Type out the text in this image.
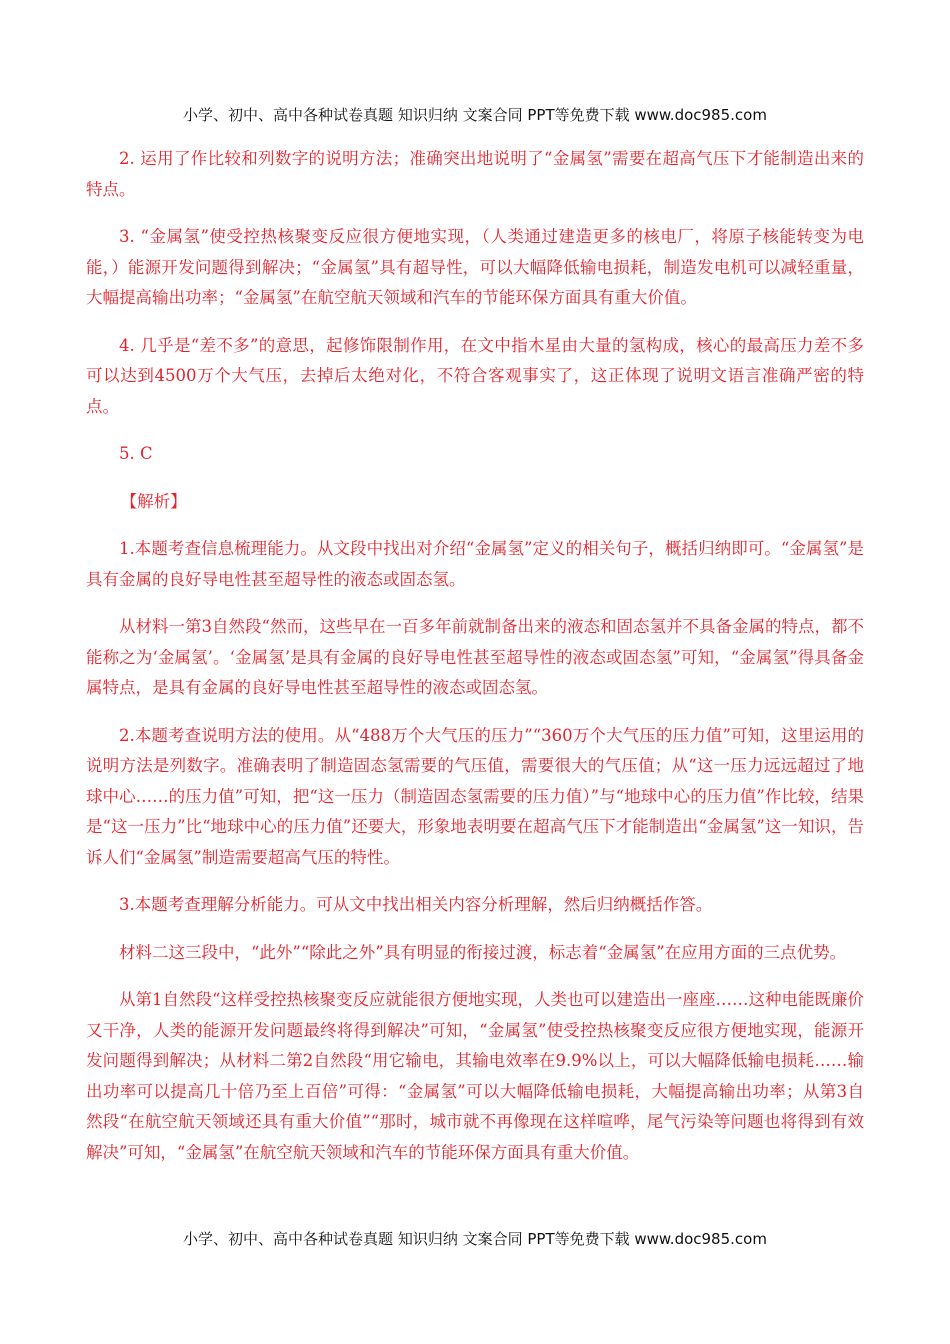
小学、初中、高中各种试卷真题 知识归纳 文案合同 PPT等免费下载 www.doc985.com

2. 运用了作比较和列数字的说明方法；准确突出地说明了“金属氢”需要在超高气压下才能制造出来的特点。

3. “金属氢”使受控热核聚变反应很方便地实现，（人类通过建造更多的核电厂，将原子核能转变为电能，）能源开发问题得到解决；“金属氢”具有超导性，可以大幅降低输电损耗，制造发电机可以减轻重量，大幅提高输出功率；“金属氢”在航空航天领域和汽车的节能环保方面具有重大价值。

4. 几乎是“差不多”的意思，起修饰限制作用，在文中指木星由大量的氢构成，核心的最高压力差不多可以达到4500万个大气压，去掉后太绝对化，不符合客观事实了，这正体现了说明文语言准确严密的特点。

5. C

【解析】

1.本题考查信息梳理能力。从文段中找出对介绍“金属氢”定义的相关句子，概括归纳即可。“金属氢”是具有金属的良好导电性甚至超导性的液态或固态氢。

从材料一第3自然段“然而，这些早在一百多年前就制备出来的液态和固态氢并不具备金属的特点，都不能称之为‘金属氢’。‘金属氢’是具有金属的良好导电性甚至超导性的液态或固态氢”可知，“金属氢”得具备金属特点，是具有金属的良好导电性甚至超导性的液态或固态氢。

2.本题考查说明方法的使用。从“488万个大气压的压力”“360万个大气压的压力值”可知，这里运用的说明方法是列数字。准确表明了制造固态氢需要的气压值，需要很大的气压值；从“这一压力远远超过了地球中心……的压力值”可知，把“这一压力（制造固态氢需要的压力值）”与“地球中心的压力值”作比较，结果是“这一压力”比“地球中心的压力值”还要大，形象地表明要在超高气压下才能制造出“金属氢”这一知识，告诉人们“金属氢”制造需要超高气压的特性。

3.本题考查理解分析能力。可从文中找出相关内容分析理解，然后归纳概括作答。

材料二这三段中，“此外”“除此之外”具有明显的衔接过渡，标志着“金属氢”在应用方面的三点优势。

从第1自然段“这样受控热核聚变反应就能很方便地实现，人类也可以建造出一座座……这种电能既廉价又干净，人类的能源开发问题最终将得到解决”可知，“金属氢”使受控热核聚变反应很方便地实现，能源开发问题得到解决；从材料二第2自然段“用它输电，其输电效率在9.9%以上，可以大幅降低输电损耗……输出功率可以提高几十倍乃至上百倍”可得：“金属氢”可以大幅降低输电损耗，大幅提高输出功率；从第3自然段“在航空航天领域还具有重大价值”“那时，城市就不再像现在这样喧哗，尾气污染等问题也将得到有效解决”可知，“金属氢”在航空航天领域和汽车的节能环保方面具有重大价值。

小学、初中、高中各种试卷真题 知识归纳 文案合同 PPT等免费下载 www.doc985.com
